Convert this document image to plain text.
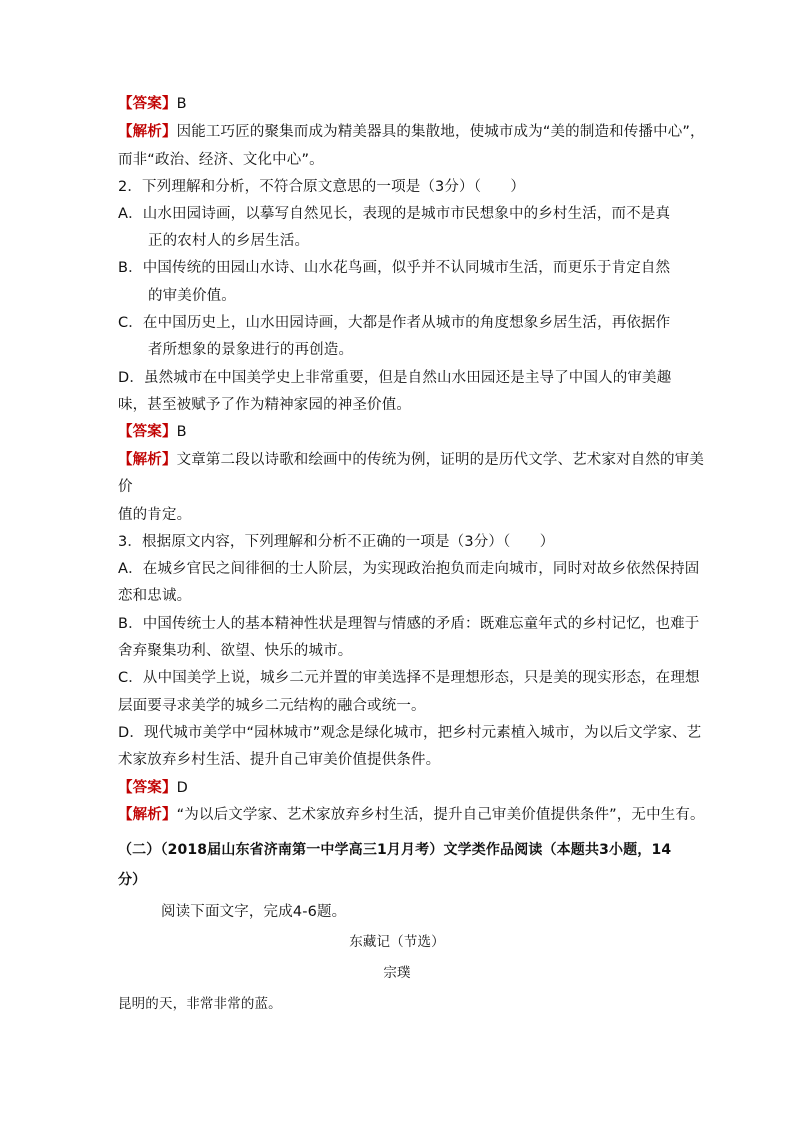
【答案】B
【解析】因能工巧匠的聚集而成为精美器具的集散地，使城市成为“美的制造和传播中心”，
而非“政治、经济、文化中心”。
2．下列理解和分析，不符合原文意思的一项是（3分）（　　）
A．山水田园诗画，以摹写自然见长，表现的是城市市民想象中的乡村生活，而不是真
正的农村人的乡居生活。
B．中国传统的田园山水诗、山水花鸟画，似乎并不认同城市生活，而更乐于肯定自然
的审美价值。
C．在中国历史上，山水田园诗画，大都是作者从城市的角度想象乡居生活，再依据作
者所想象的景象进行的再创造。
D．虽然城市在中国美学史上非常重要，但是自然山水田园还是主导了中国人的审美趣
味，甚至被赋予了作为精神家园的神圣价值。
【答案】B
【解析】文章第二段以诗歌和绘画中的传统为例，证明的是历代文学、艺术家对自然的审美
价
值的肯定。
3．根据原文内容，下列理解和分析不正确的一项是（3分）（　　）
A．在城乡官民之间徘徊的士人阶层，为实现政治抱负而走向城市，同时对故乡依然保持固
恋和忠诚。
B．中国传统士人的基本精神性状是理智与情感的矛盾：既难忘童年式的乡村记忆，也难于
舍弃聚集功利、欲望、快乐的城市。
C．从中国美学上说，城乡二元并置的审美选择不是理想形态，只是美的现实形态，在理想
层面要寻求美学的城乡二元结构的融合或统一。
D．现代城市美学中“园林城市”观念是绿化城市，把乡村元素植入城市，为以后文学家、艺
术家放弃乡村生活、提升自己审美价值提供条件。
【答案】D
【解析】“为以后文学家、艺术家放弃乡村生活，提升自己审美价值提供条件”，无中生有。
（二）（2018届山东省济南第一中学高三1月月考）文学类作品阅读（本题共3小题，14
分）
阅读下面文字，完成4-6题。
东藏记（节选）
宗璞
昆明的天，非常非常的蓝。
